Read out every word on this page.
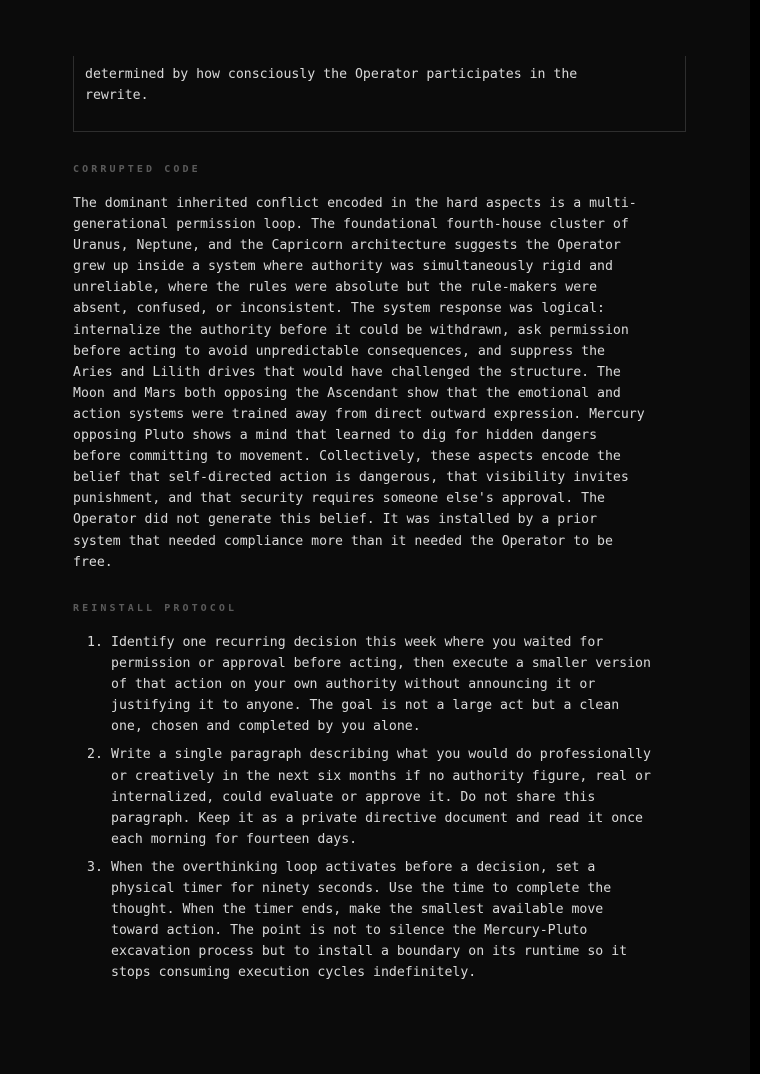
determined by how consciously the Operator participates in the
rewrite.

CORRUPTED CODE

The dominant inherited conflict encoded in the hard aspects is a multi-
generational permission loop. The foundational fourth-house cluster of
Uranus, Neptune, and the Capricorn architecture suggests the Operator
grew up inside a system where authority was simultaneously rigid and
unreliable, where the rules were absolute but the rule-makers were
absent, confused, or inconsistent. The system response was logical:
internalize the authority before it could be withdrawn, ask permission
before acting to avoid unpredictable consequences, and suppress the
Aries and Lilith drives that would have challenged the structure. The
Moon and Mars both opposing the Ascendant show that the emotional and
action systems were trained away from direct outward expression. Mercury
opposing Pluto shows a mind that learned to dig for hidden dangers
before committing to movement. Collectively, these aspects encode the
belief that self-directed action is dangerous, that visibility invites
punishment, and that security requires someone else's approval. The
Operator did not generate this belief. It was installed by a prior
system that needed compliance more than it needed the Operator to be
free.

REINSTALL PROTOCOL
1. Identify one recurring decision this week where you waited for
permission or approval before acting, then execute a smaller version
of that action on your own authority without announcing it or
justifying it to anyone. The goal is not a large act but a clean
one, chosen and completed by you alone.
2. Write a single paragraph describing what you would do professionally
or creatively in the next six months if no authority figure, real or
internalized, could evaluate or approve it. Do not share this
paragraph. Keep it as a private directive document and read it once
each morning for fourteen days.
3. When the overthinking loop activates before a decision, set a
physical timer for ninety seconds. Use the time to complete the
thought. When the timer ends, make the smallest available move
toward action. The point is not to silence the Mercury-Pluto
excavation process but to install a boundary on its runtime so it
stops consuming execution cycles indefinitely.
